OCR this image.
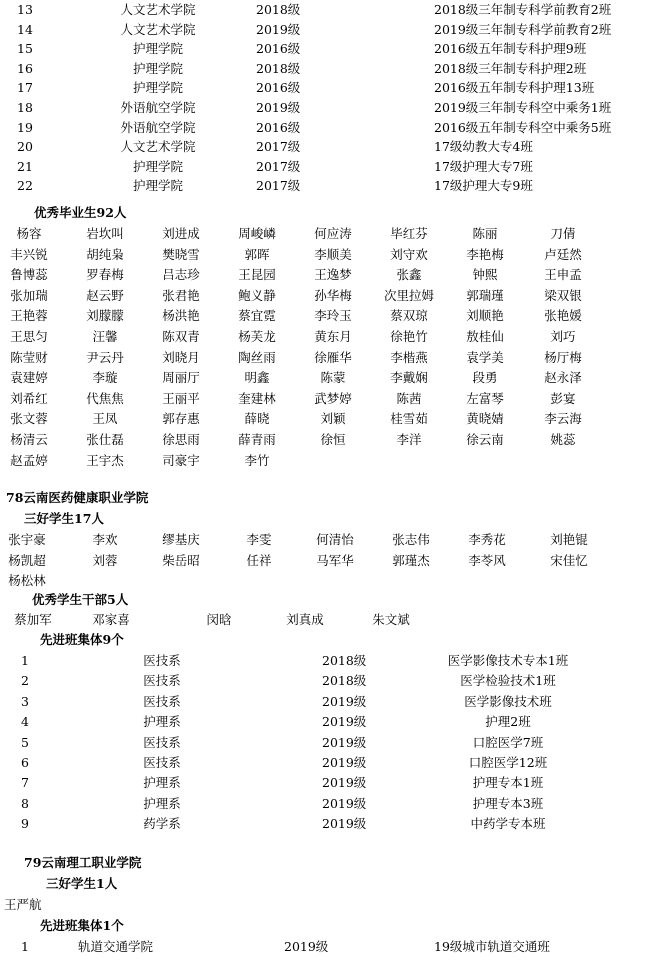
13	人文艺术学院	2018级	2018级三年制专科学前教育2班
14	人文艺术学院	2019级	2019级三年制专科学前教育2班
15	护理学院	2016级	2016级五年制专科护理9班
16	护理学院	2018级	2018级三年制专科护理2班
17	护理学院	2016级	2016级五年制专科护理13班
18	外语航空学院	2019级	2019级三年制专科空中乘务1班
19	外语航空学院	2016级	2016级五年制专科空中乘务5班
20	人文艺术学院	2017级	17级幼教大专4班
21	护理学院	2017级	17级护理大专7班
22	护理学院	2017级	17级护理大专9班
优秀毕业生92人
杨容	岩坎叫	刘进成	周峻嶙	何应涛	毕红芬	陈丽	刀倩
丰兴锐	胡纯枭	樊晓雪	郭晖	李顺美	刘守欢	李艳梅	卢廷然
鲁博蕊	罗春梅	吕志珍	王昆园	王逸梦	张鑫	钟熙	王申孟
张加瑞	赵云野	张君艳	鲍义静	孙华梅	次里拉姆	郭瑞瑾	梁双银
王艳蓉	刘朦朦	杨洪艳	蔡宜霓	李玲玉	蔡双琼	刘顺艳	张艳媛
王思匀	汪馨	陈双青	杨芙龙	黄东月	徐艳竹	敖桂仙	刘巧
陈莹财	尹云丹	刘晓月	陶丝雨	徐雁华	李楷燕	袁学美	杨厅梅
袁建婷	李璇	周丽厅	明鑫	陈蒙	李戴娴	段勇	赵永泽
刘希红	代焦焦	王丽平	奎建林	武梦婷	陈茜	左富琴	彭宴
张文蓉	王凤	郭存惠	薛晓	刘颖	桂雪茹	黄晓婧	李云海
杨清云	张仕磊	徐思雨	薛青雨	徐恒	李洋	徐云南	姚蕊
赵孟婷	王宇杰	司豪宇	李竹
78云南医药健康职业学院
三好学生17人
张宇豪	李欢	缪基庆	李雯	何清怡	张志伟	李秀花	刘艳锟
杨凯超	刘蓉	柴岳昭	任祥	马军华	郭瑾杰	李苓风	宋佳忆
杨松林
优秀学生干部5人
蔡加军	邓家喜	闵晗	刘真成	朱文斌
先进班集体9个
1	医技系	2018级	医学影像技术专本1班
2	医技系	2018级	医学检验技术1班
3	医技系	2019级	医学影像技术班
4	护理系	2019级	护理2班
5	医技系	2019级	口腔医学7班
6	医技系	2019级	口腔医学12班
7	护理系	2019级	护理专本1班
8	护理系	2019级	护理专本3班
9	药学系	2019级	中药学专本班
79云南理工职业学院
三好学生1人
王严航
先进班集体1个
1	轨道交通学院	2019级	19级城市轨道交通班
